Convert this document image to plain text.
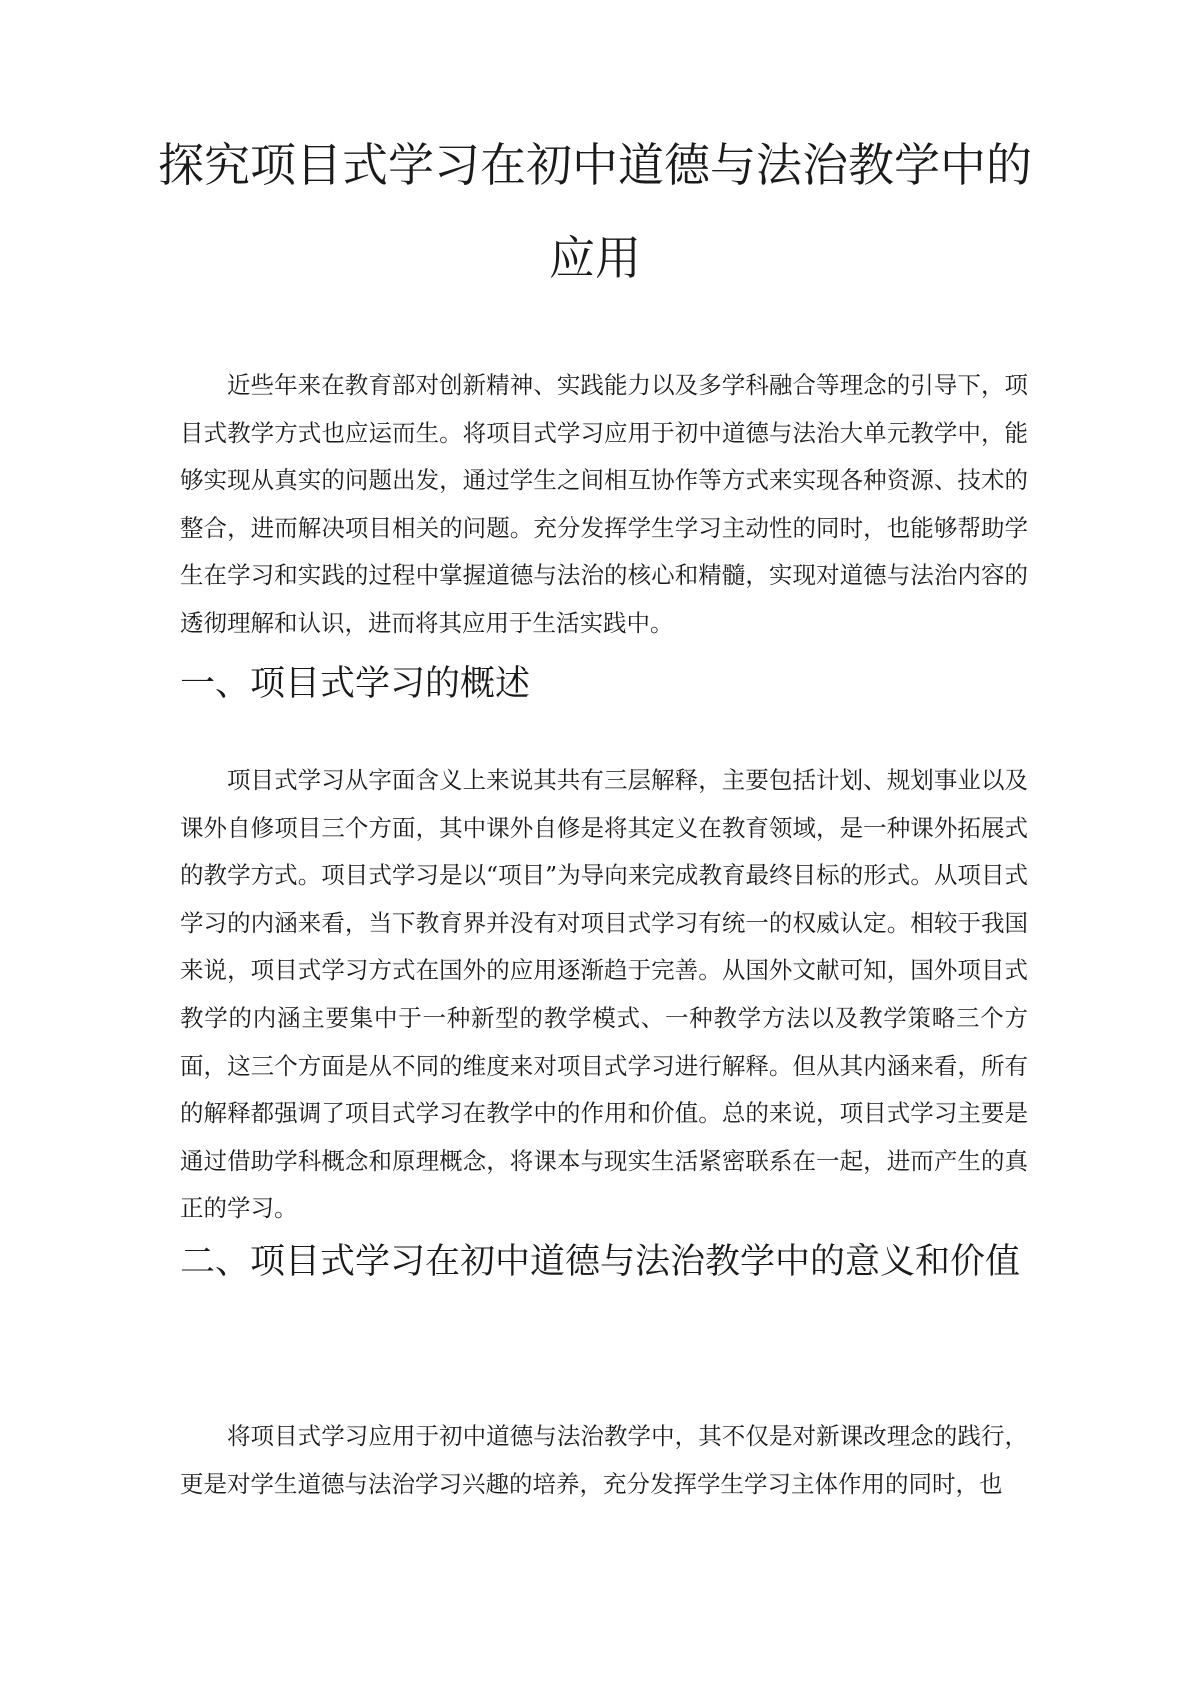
探究项目式学习在初中道德与法治教学中的
应用

近些年来在教育部对创新精神、实践能力以及多学科融合等理念的引导下，项目式教学方式也应运而生。将项目式学习应用于初中道德与法治大单元教学中，能够实现从真实的问题出发，通过学生之间相互协作等方式来实现各种资源、技术的整合，进而解决项目相关的问题。充分发挥学生学习主动性的同时，也能够帮助学生在学习和实践的过程中掌握道德与法治的核心和精髓，实现对道德与法治内容的透彻理解和认识，进而将其应用于生活实践中。

一、项目式学习的概述

项目式学习从字面含义上来说其共有三层解释，主要包括计划、规划事业以及课外自修项目三个方面，其中课外自修是将其定义在教育领域，是一种课外拓展式的教学方式。项目式学习是以“项目”为导向来完成教育最终目标的形式。从项目式学习的内涵来看，当下教育界并没有对项目式学习有统一的权威认定。相较于我国来说，项目式学习方式在国外的应用逐渐趋于完善。从国外文献可知，国外项目式教学的内涵主要集中于一种新型的教学模式、一种教学方法以及教学策略三个方面，这三个方面是从不同的维度来对项目式学习进行解释。但从其内涵来看，所有的解释都强调了项目式学习在教学中的作用和价值。总的来说，项目式学习主要是通过借助学科概念和原理概念，将课本与现实生活紧密联系在一起，进而产生的真正的学习。

二、项目式学习在初中道德与法治教学中的意义和价值

将项目式学习应用于初中道德与法治教学中，其不仅是对新课改理念的践行，更是对学生道德与法治学习兴趣的培养，充分发挥学生学习主体作用的同时，也
